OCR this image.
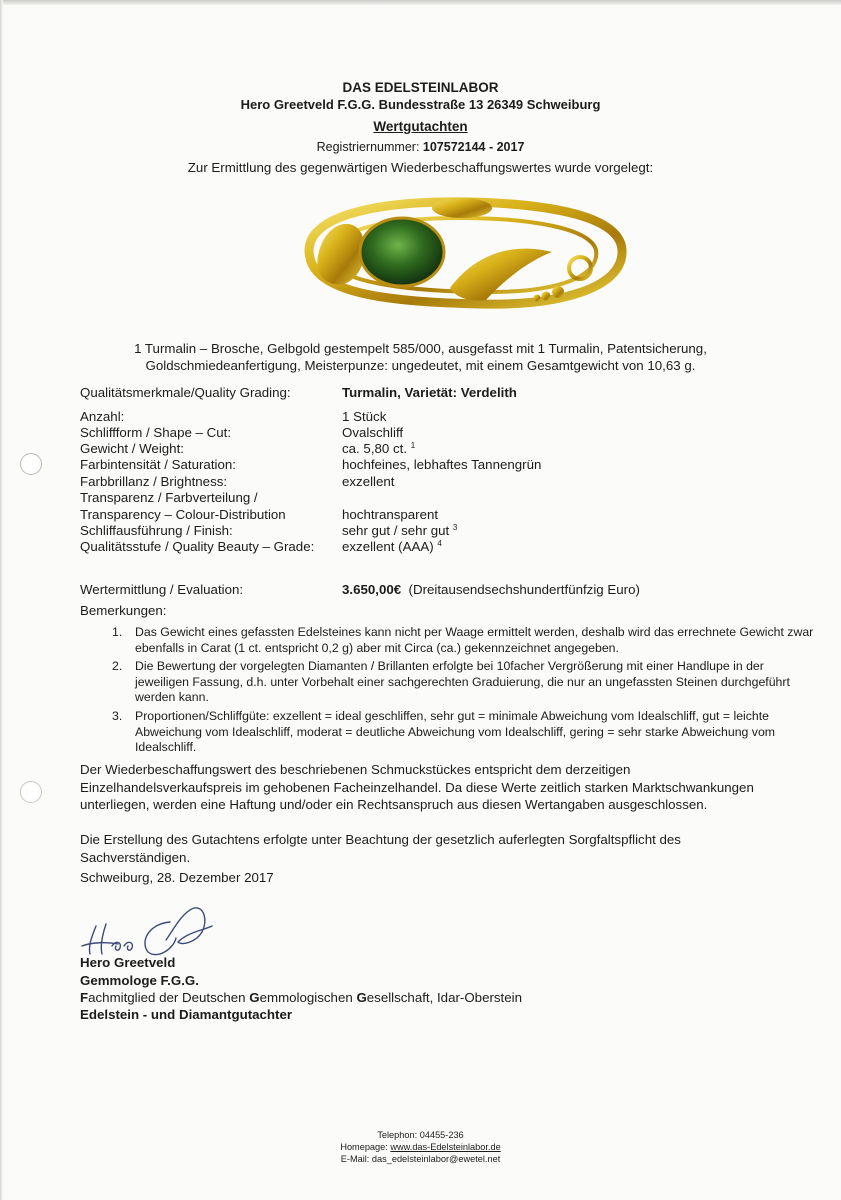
DAS EDELSTEINLABOR
Hero Greetveld F.G.G. Bundesstraße 13 26349 Schweiburg
Wertgutachten
Registriernummer: 107572144 - 2017
Zur Ermittlung des gegenwärtigen Wiederbeschaffungswertes wurde vorgelegt:
1 Turmalin – Brosche, Gelbgold gestempelt 585/000, ausgefasst mit 1 Turmalin, Patentsicherung,
Goldschmiedeanfertigung, Meisterpunze: ungedeutet, mit einem Gesamtgewicht von 10,63 g.
Qualitätsmerkmale/Quality Grading:	Turmalin, Varietät: Verdelith
Anzahl:	1 Stück
Schliffform / Shape – Cut:	Ovalschliff
Gewicht / Weight:	ca. 5,80 ct. $^1$
Farbintensität / Saturation:	hochfeines, lebhaftes Tannengrün
Farbbrillanz / Brightness:	exzellent
Transparenz / Farbverteilung /
Transparency – Colour-Distribution	hochtransparent
Schliffausführung / Finish:	sehr gut / sehr gut $^3$
Qualitätsstufe / Quality Beauty – Grade: exzellent (AAA) $^4$
Wertermittlung / Evaluation:	3.650,00€ (Dreitausendsechshundertfünfzig Euro)
Bemerkungen:
1. Das Gewicht eines gefassten Edelsteines kann nicht per Waage ermittelt werden, deshalb wird das errechnete Gewicht zwar ebenfalls in Carat (1 ct. entspricht 0,2 g) aber mit Circa (ca.) gekennzeichnet angegeben.
2. Die Bewertung der vorgelegten Diamanten / Brillanten erfolgte bei 10facher Vergrößerung mit einer Handlupe in der jeweiligen Fassung, d.h. unter Vorbehalt einer sachgerechten Graduierung, die nur an ungefassten Steinen durchgeführt werden kann.
3. Proportionen/Schliffgüte: exzellent = ideal geschliffen, sehr gut = minimale Abweichung vom Idealschliff, gut = leichte Abweichung vom Idealschliff, moderat = deutliche Abweichung vom Idealschliff, gering = sehr starke Abweichung vom Idealschliff.
Der Wiederbeschaffungswert des beschriebenen Schmuckstückes entspricht dem derzeitigen Einzelhandelsverkaufspreis im gehobenen Facheinzelhandel. Da diese Werte zeitlich starken Marktschwankungen unterliegen, werden eine Haftung und/oder ein Rechtsanspruch aus diesen Wertangaben ausgeschlossen.
Die Erstellung des Gutachtens erfolgte unter Beachtung der gesetzlich auferlegten Sorgfaltspflicht des Sachverständigen.
Schweiburg, 28. Dezember 2017
Hero Greetveld
Gemmologe F.G.G.
Fachmitglied der Deutschen Gemmologischen Gesellschaft, Idar-Oberstein
Edelstein - und Diamantgutachter
Telephon: 04455-236
Homepage: www.das-Edelsteinlabor.de
E-Mail: das_edelsteinlabor@ewetel.net
